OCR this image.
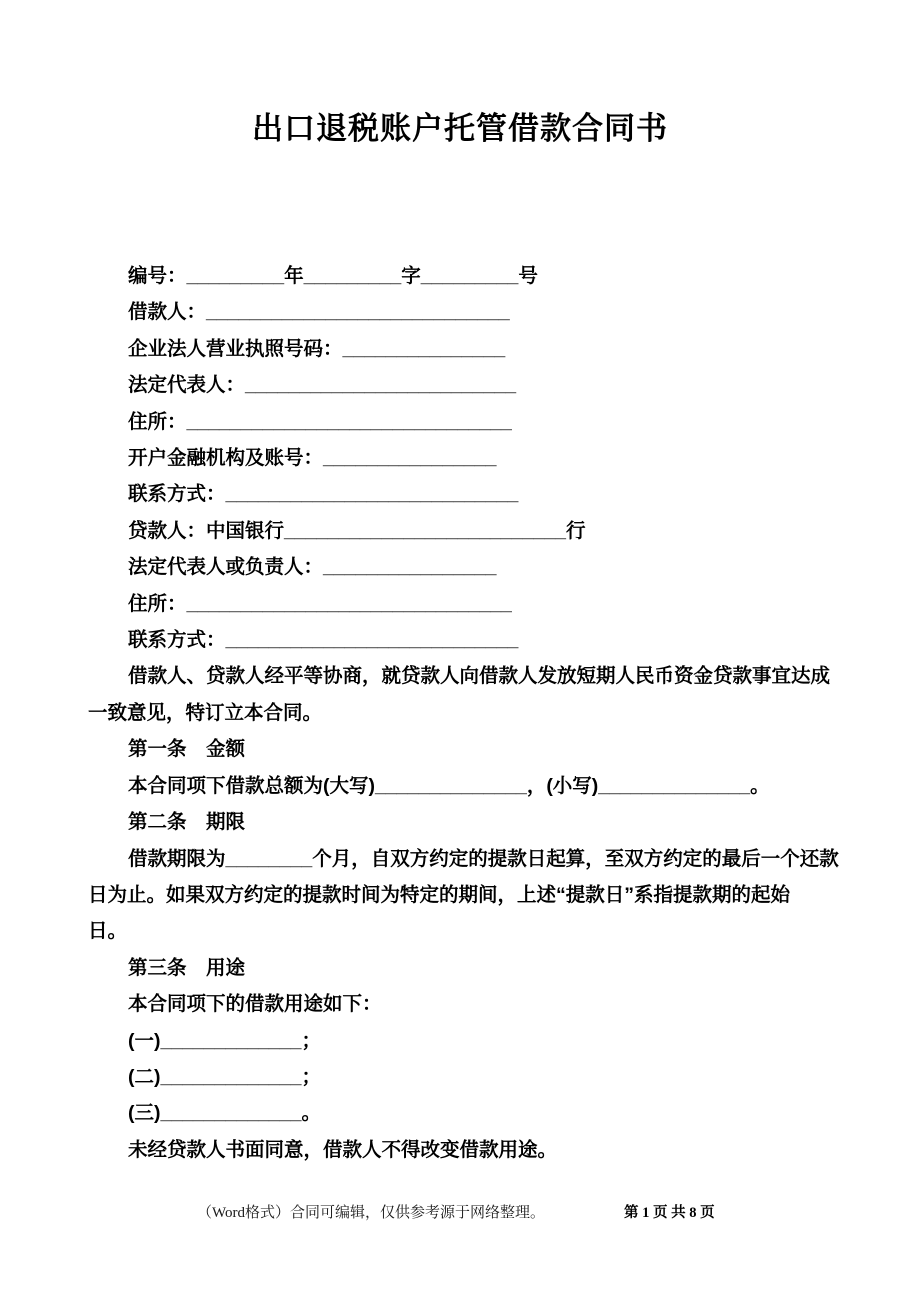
出口退税账户托管借款合同书
编号：_________年_________字_________号
借款人：____________________________
企业法人营业执照号码：_______________
法定代表人：_________________________
住所：______________________________
开户金融机构及账号：________________
联系方式：___________________________
贷款人：中国银行__________________________行
法定代表人或负责人：________________
住所：______________________________
联系方式：___________________________
借款人、贷款人经平等协商，就贷款人向借款人发放短期人民币资金贷款事宜达成
一致意见，特订立本合同。
第一条　金额
本合同项下借款总额为(大写)______________，(小写)______________。
第二条　期限
借款期限为________个月，自双方约定的提款日起算，至双方约定的最后一个还款
日为止。如果双方约定的提款时间为特定的期间，上述“提款日”系指提款期的起始
日。
第三条　用途
本合同项下的借款用途如下：
(一)_____________；
(二)_____________；
(三)_____________。
未经贷款人书面同意，借款人不得改变借款用途。
（Word格式）合同可编辑，仅供参考源于网络整理。	第 1 页 共 8 页
